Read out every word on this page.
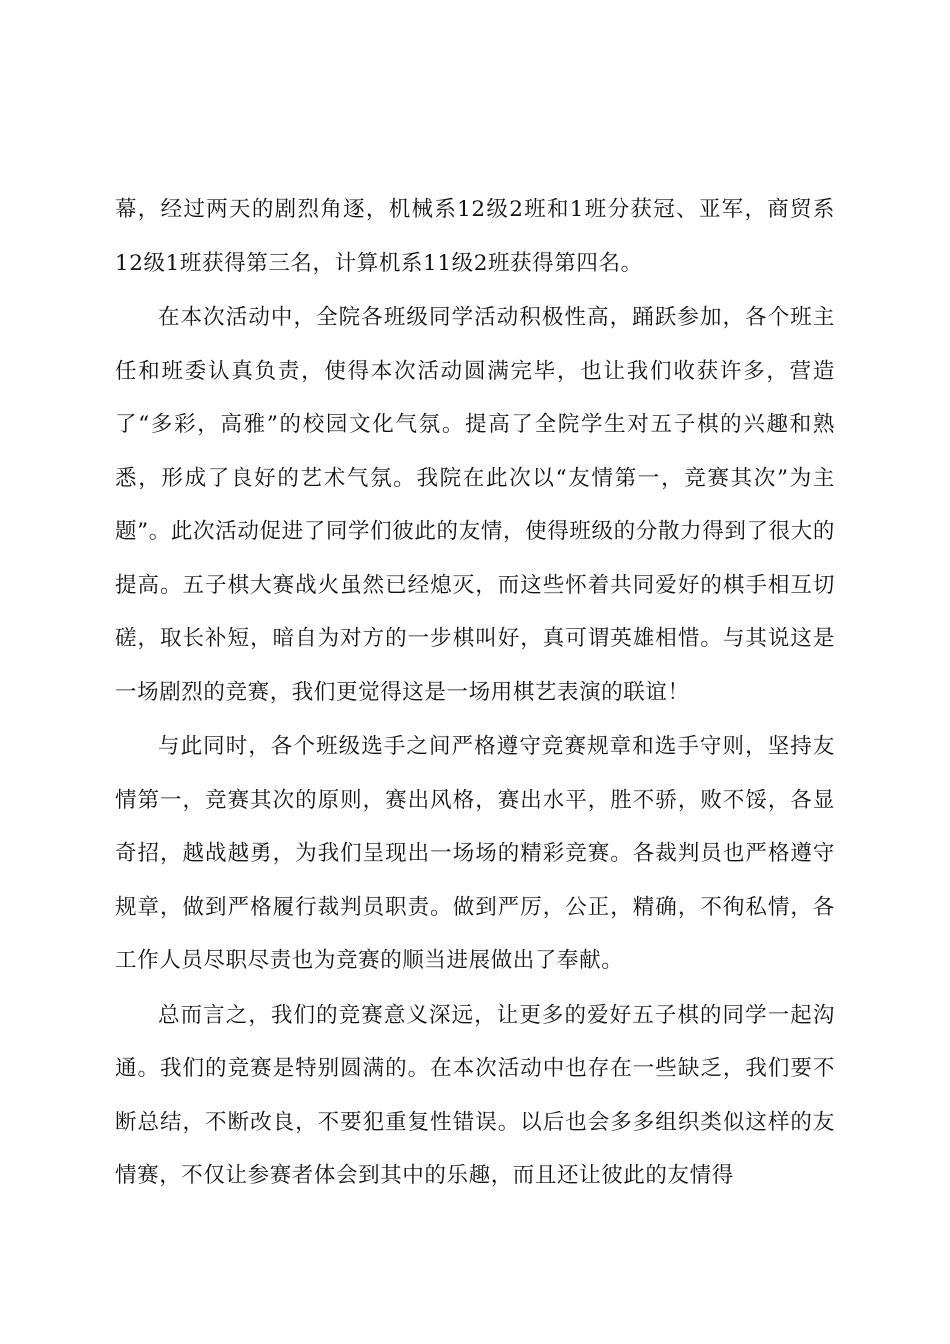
幕，经过两天的剧烈角逐，机械系12级2班和1班分获冠、亚军，商贸系12级1班获得第三名，计算机系11级2班获得第四名。

在本次活动中，全院各班级同学活动积极性高，踊跃参加，各个班主任和班委认真负责，使得本次活动圆满完毕，也让我们收获许多，营造了“多彩，高雅”的校园文化气氛。提高了全院学生对五子棋的兴趣和熟悉，形成了良好的艺术气氛。我院在此次以“友情第一，竞赛其次”为主题”。此次活动促进了同学们彼此的友情，使得班级的分散力得到了很大的提高。五子棋大赛战火虽然已经熄灭，而这些怀着共同爱好的棋手相互切磋，取长补短，暗自为对方的一步棋叫好，真可谓英雄相惜。与其说这是一场剧烈的竞赛，我们更觉得这是一场用棋艺表演的联谊！

与此同时，各个班级选手之间严格遵守竞赛规章和选手守则，坚持友情第一，竞赛其次的原则，赛出风格，赛出水平，胜不骄，败不馁，各显奇招，越战越勇，为我们呈现出一场场的精彩竞赛。各裁判员也严格遵守规章，做到严格履行裁判员职责。做到严厉，公正，精确，不徇私情，各工作人员尽职尽责也为竞赛的顺当进展做出了奉献。

总而言之，我们的竞赛意义深远，让更多的爱好五子棋的同学一起沟通。我们的竞赛是特别圆满的。在本次活动中也存在一些缺乏，我们要不断总结，不断改良，不要犯重复性错误。以后也会多多组织类似这样的友情赛，不仅让参赛者体会到其中的乐趣，而且还让彼此的友情得
